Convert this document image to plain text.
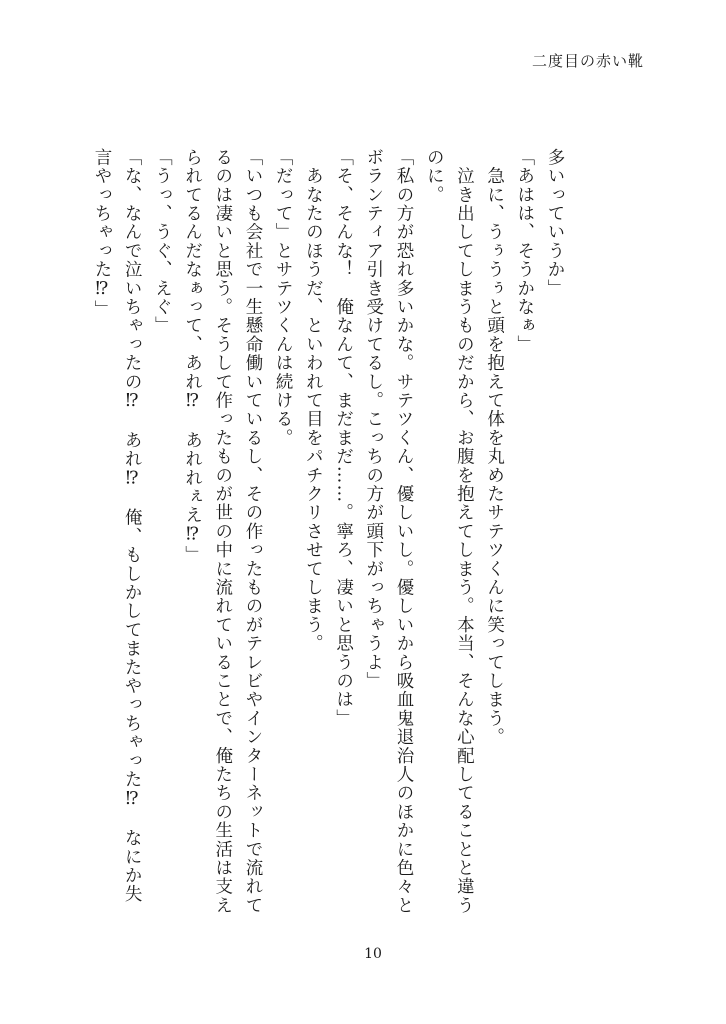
二度目の赤い靴

多いっていうか」

「あはは、そうかなぁ」

　急に、うぅうぅと頭を抱えて体を丸めたサテツくんに笑ってしまう。

　泣き出してしまうものだから、お腹を抱えてしまう。本当、そんな心配してることと違うのに。

「私の方が恐れ多いかな。サテツくん、優しいし。優しいから吸血鬼退治人のほかに色々とボランティア引き受けてるし。こっちの方が頭下がっちゃうよ」

「そ、そんな！　俺なんて、まだまだ……。寧ろ、凄いと思うのは」

　あなたのほうだ、といわれて目をパチクリさせてしまう。

「だって」とサテツくんは続ける。

「いつも会社で一生懸命働いているし、その作ったものがテレビやインターネットで流れてるのは凄いと思う。そうして作ったものが世の中に流れていることで、俺たちの生活は支えられてるんだなぁって、あれ⁉　あれれぇえ⁉」

「うっ、うぐ、えぐ」

「な、なんで泣いちゃったの⁉　あれ⁉　俺、もしかしてまたやっちゃった⁉　なにか失言やっちゃった⁉」

10
